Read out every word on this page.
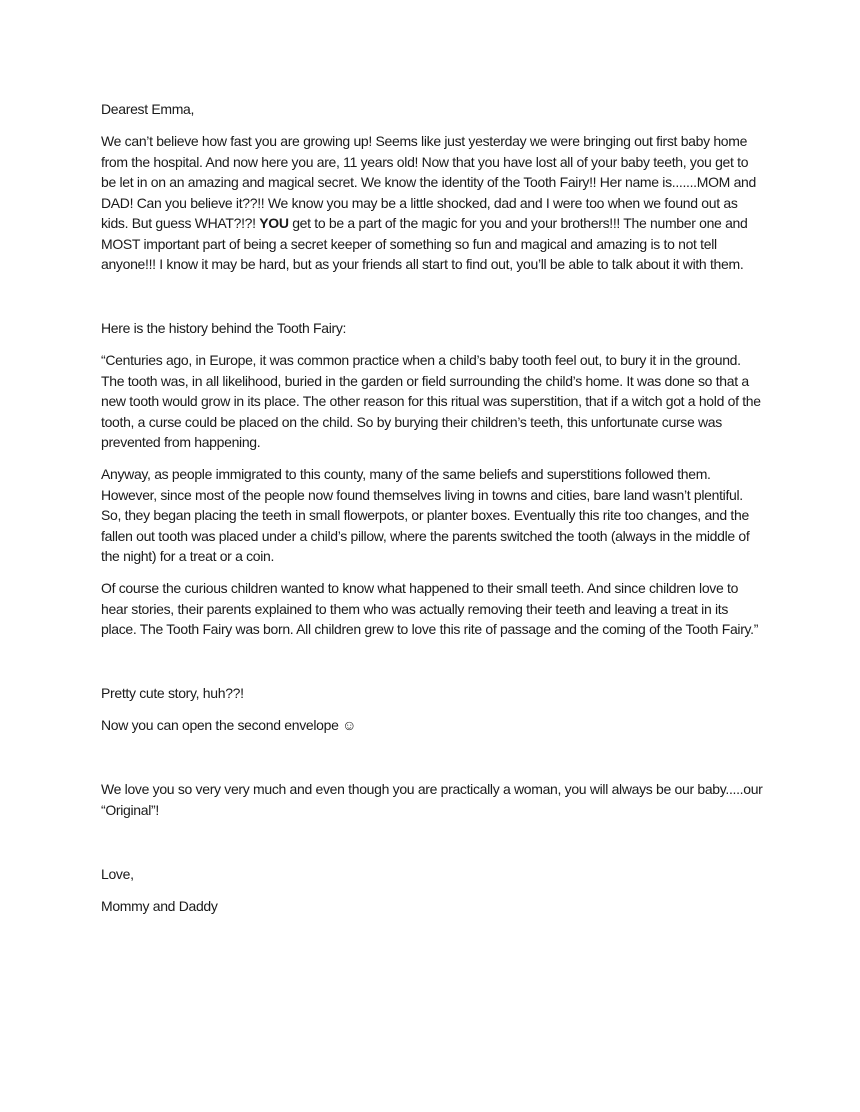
Dearest Emma,

We can’t believe how fast you are growing up! Seems like just yesterday we were bringing out first baby home from the hospital. And now here you are, 11 years old! Now that you have lost all of your baby teeth, you get to be let in on an amazing and magical secret. We know the identity of the Tooth Fairy!! Her name is.......MOM and DAD! Can you believe it??!! We know you may be a little shocked, dad and I were too when we found out as kids. But guess WHAT?!?! YOU get to be a part of the magic for you and your brothers!!! The number one and MOST important part of being a secret keeper of something so fun and magical and amazing is to not tell anyone!!! I know it may be hard, but as your friends all start to find out, you’ll be able to talk about it with them.

Here is the history behind the Tooth Fairy:

“Centuries ago, in Europe, it was common practice when a child’s baby tooth feel out, to bury it in the ground. The tooth was, in all likelihood, buried in the garden or field surrounding the child’s home. It was done so that a new tooth would grow in its place. The other reason for this ritual was superstition, that if a witch got a hold of the tooth, a curse could be placed on the child. So by burying their children’s teeth, this unfortunate curse was prevented from happening.

Anyway, as people immigrated to this county, many of the same beliefs and superstitions followed them. However, since most of the people now found themselves living in towns and cities, bare land wasn’t plentiful. So, they began placing the teeth in small flowerpots, or planter boxes. Eventually this rite too changes, and the fallen out tooth was placed under a child’s pillow, where the parents switched the tooth (always in the middle of the night) for a treat or a coin.

Of course the curious children wanted to know what happened to their small teeth. And since children love to hear stories, their parents explained to them who was actually removing their teeth and leaving a treat in its place. The Tooth Fairy was born. All children grew to love this rite of passage and the coming of the Tooth Fairy.”

Pretty cute story, huh??!

Now you can open the second envelope ☺

We love you so very very much and even though you are practically a woman, you will always be our baby.....our “Original”!

Love,

Mommy and Daddy
